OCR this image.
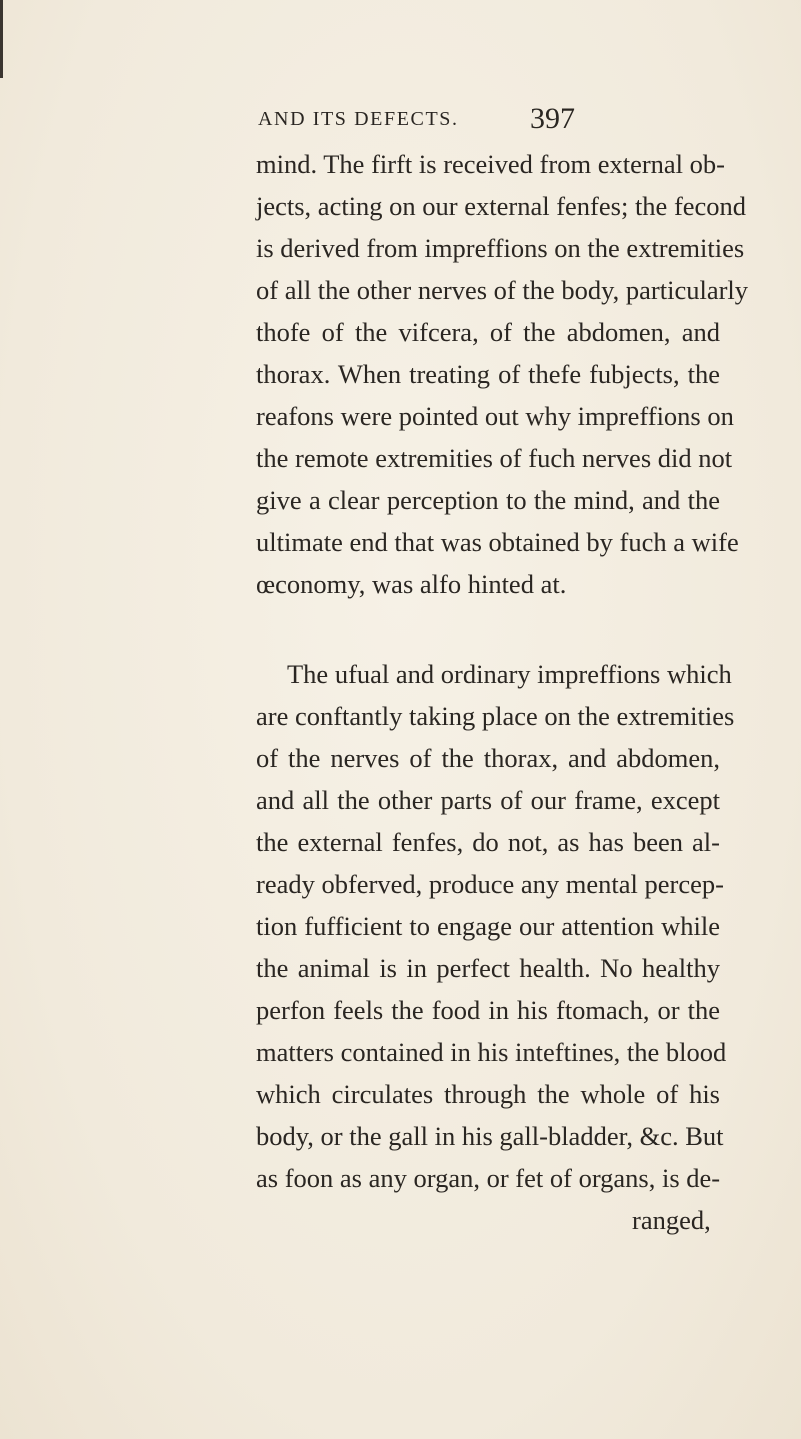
AND ITS DEFECTS. 397
mind. The firft is received from external ob-
jects, acting on our external fenfes; the fecond
is derived from impreffions on the extremities
of all the other nerves of the body, particularly
thofe of the vifcera, of the abdomen, and
thorax. When treating of thefe fubjects, the
reafons were pointed out why impreffions on
the remote extremities of fuch nerves did not
give a clear perception to the mind, and the
ultimate end that was obtained by fuch a wife
œconomy, was alfo hinted at.
The ufual and ordinary impreffions which
are conftantly taking place on the extremities
of the nerves of the thorax, and abdomen,
and all the other parts of our frame, except
the external fenfes, do not, as has been al-
ready obferved, produce any mental percep-
tion fufficient to engage our attention while
the animal is in perfect health. No healthy
perfon feels the food in his ftomach, or the
matters contained in his inteftines, the blood
which circulates through the whole of his
body, or the gall in his gall-bladder, &c. But
as foon as any organ, or fet of organs, is de-
ranged,
